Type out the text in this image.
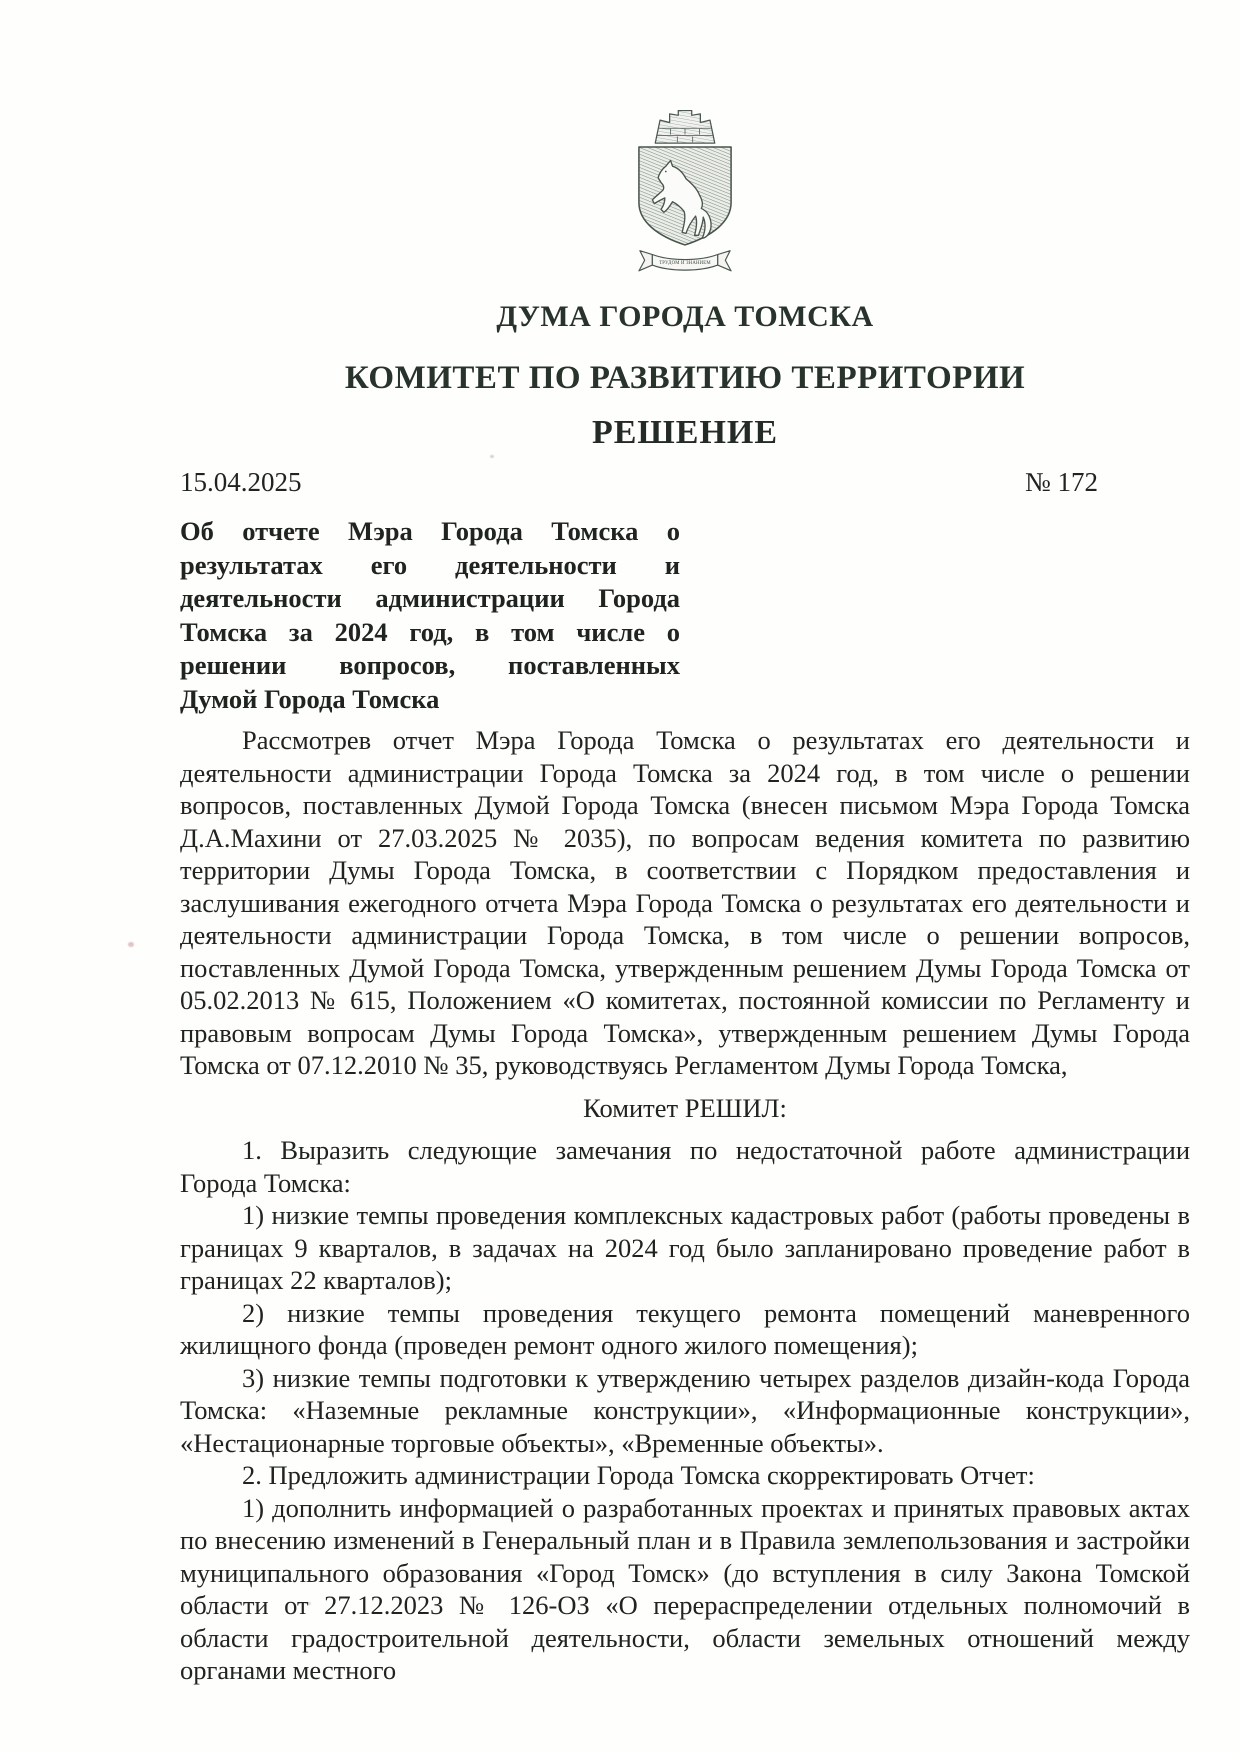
ТРУДОМ И ЗНАНИЕМ
ДУМА ГОРОДА ТОМСКА
КОМИТЕТ ПО РАЗВИТИЮ ТЕРРИТОРИИ
РЕШЕНИЕ
15.04.2025	№ 172
Об отчете Мэра Города Томска о
результатах его деятельности и
деятельности администрации Города
Томска за 2024 год, в том числе о
решении вопросов, поставленных
Думой Города Томска

Рассмотрев отчет Мэра Города Томска о результатах его деятельности и деятельности администрации Города Томска за 2024 год, в том числе о решении вопросов, поставленных Думой Города Томска (внесен письмом Мэра Города Томска Д.А.Махини от 27.03.2025 № 2035), по вопросам ведения комитета по развитию территории Думы Города Томска, в соответствии с Порядком предоставления и заслушивания ежегодного отчета Мэра Города Томска о результатах его деятельности и деятельности администрации Города Томска, в том числе о решении вопросов, поставленных Думой Города Томска, утвержденным решением Думы Города Томска от 05.02.2013 № 615, Положением «О комитетах, постоянной комиссии по Регламенту и правовым вопросам Думы Города Томска», утвержденным решением Думы Города Томска от 07.12.2010 № 35, руководствуясь Регламентом Думы Города Томска,

Комитет РЕШИЛ:

1. Выразить следующие замечания по недостаточной работе администрации Города Томска:

1) низкие темпы проведения комплексных кадастровых работ (работы проведены в границах 9 кварталов, в задачах на 2024 год было запланировано проведение работ в границах 22 кварталов);

2) низкие темпы проведения текущего ремонта помещений маневренного жилищного фонда (проведен ремонт одного жилого помещения);

3) низкие темпы подготовки к утверждению четырех разделов дизайн-кода Города Томска: «Наземные рекламные конструкции», «Информационные конструкции», «Нестационарные торговые объекты», «Временные объекты».

2. Предложить администрации Города Томска скорректировать Отчет:

1) дополнить информацией о разработанных проектах и принятых правовых актах по внесению изменений в Генеральный план и в Правила землепользования и застройки муниципального образования «Город Томск» (до вступления в силу Закона Томской области от 27.12.2023 № 126-ОЗ «О перераспределении отдельных полномочий в области градостроительной деятельности, области земельных отношений между органами местного
